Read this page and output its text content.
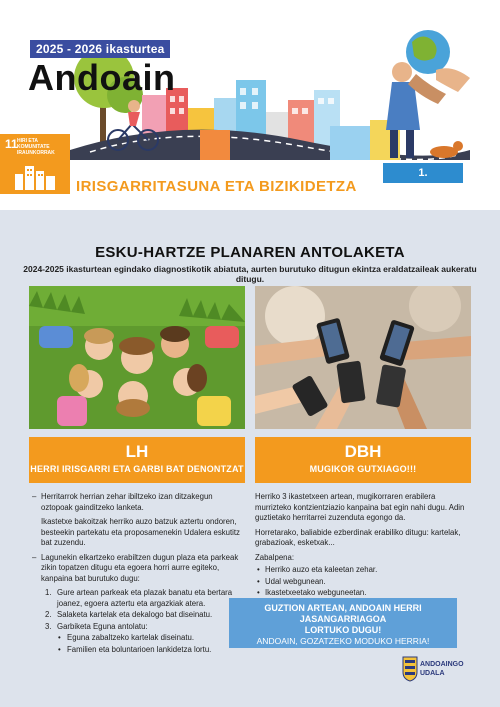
2025 - 2026 ikasturtea
Andoain
11 HIRI ETA KOMUNITATE IRAUNKORRAK
1. HIRUHILEKOA
IRISGARRITASUNA ETA BIZIKIDETZA
ESKU-HARTZE PLANAREN ANTOLAKETA
2024-2025 ikasturtean egindako diagnostikotik abiatuta, aurten burutuko ditugun ekintza eraldatzaileak aukeratu ditugu.
LH
HERRI IRISGARRI ETA GARBI BAT DENONTZAT
DBH
MUGIKOR GUTXIAGO!!!
– Herritarrok herrian zehar ibiltzeko izan ditzakegun oztopoak gainditzeko lanketa.
Ikastetxe bakoitzak herriko auzo batzuk aztertu ondoren, besteekin partekatu eta proposamenekin Udalera eskutitz bat zuzendu.
– Lagunekin elkartzeko erabiltzen dugun plaza eta parkeak zikin topatzen ditugu eta egoera horri aurre egiteko, kanpaina bat burutuko dugu:
1. Gure artean parkeak eta plazak banatu eta bertara joanez, egoera aztertu eta argazkiak atera.
2. Salaketa kartelak eta dekalogo bat diseinatu.
3. Garbiketa Eguna antolatu:
• Eguna zabaltzeko kartelak diseinatu.
• Familien eta boluntarioen lankidetza lortu.

Herriko 3 ikastetxeen artean, mugikorraren erabilera murrizteko kontzientziazio kanpaina bat egin nahi dugu. Adin guztietako herritarrei zuzenduta egongo da.

Horretarako, baliabide ezberdinak erabiliko ditugu: kartelak, grabazioak, esketxak...

Zabalpena:

• Herriko auzo eta kaleetan zehar.
• Udal webgunean.
• Ikastetxeetako webguneetan.
GUZTION ARTEAN, ANDOAIN HERRI JASANGARRIAGOA
LORTUKO DUGU!
ANDOAIN, GOZATZEKO MODUKO HERRIA!
ANDOAINGO
UDALA
